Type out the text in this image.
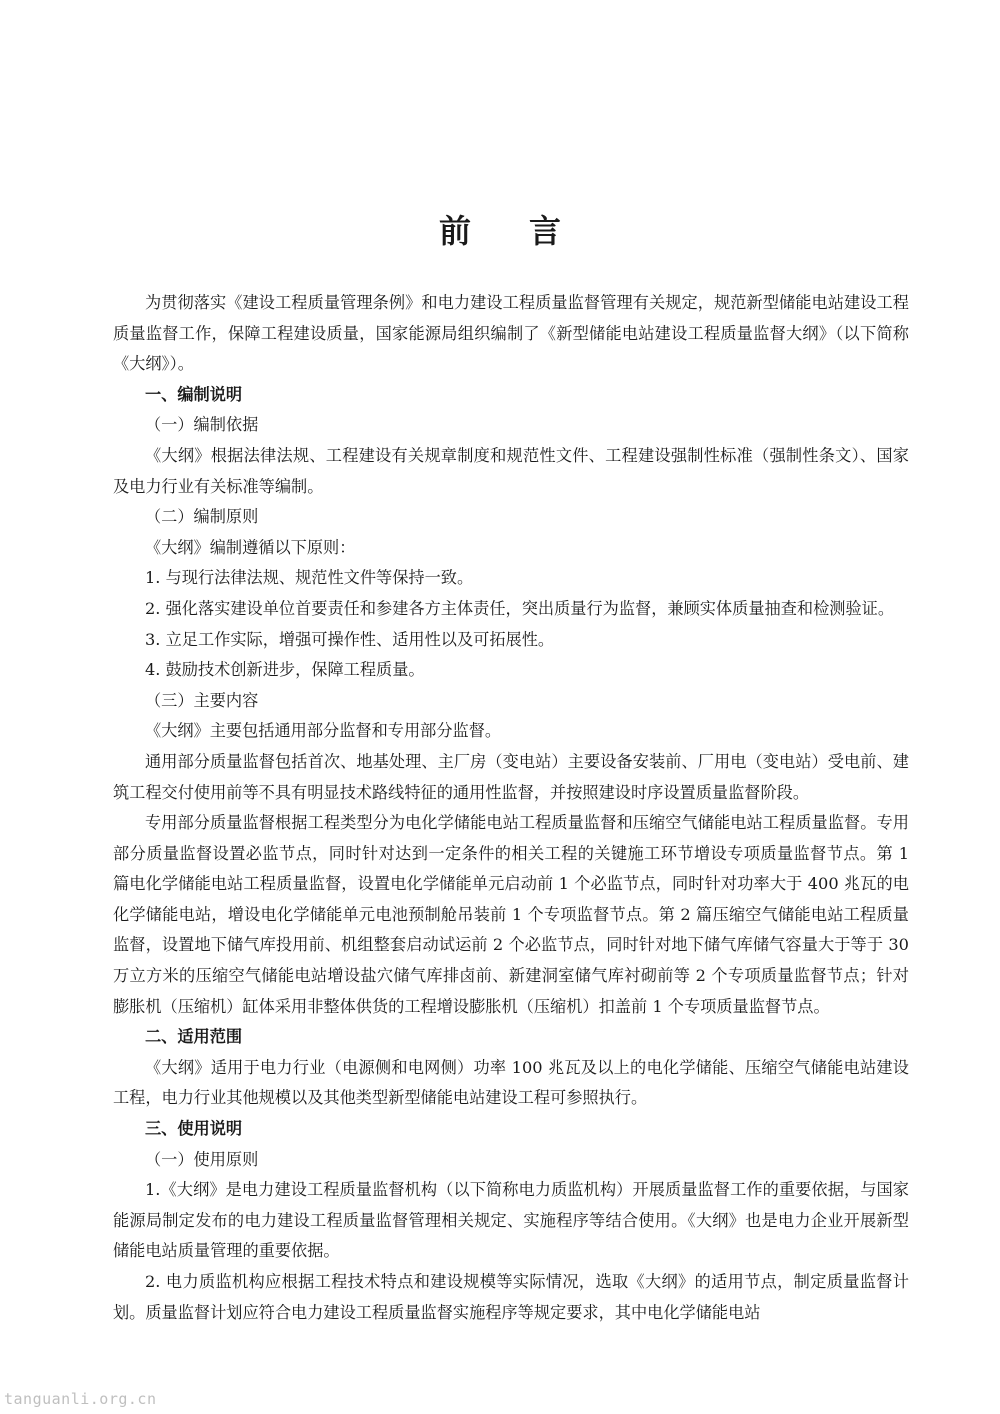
前言

为贯彻落实《建设工程质量管理条例》和电力建设工程质量监督管理有关规定，规范新型储能电站建设工程质量监督工作，保障工程建设质量，国家能源局组织编制了《新型储能电站建设工程质量监督大纲》（以下简称《大纲》）。

一、编制说明

（一）编制依据

《大纲》根据法律法规、工程建设有关规章制度和规范性文件、工程建设强制性标准（强制性条文）、国家及电力行业有关标准等编制。

（二）编制原则

《大纲》编制遵循以下原则：

1. 与现行法律法规、规范性文件等保持一致。

2. 强化落实建设单位首要责任和参建各方主体责任，突出质量行为监督，兼顾实体质量抽查和检测验证。

3. 立足工作实际，增强可操作性、适用性以及可拓展性。

4. 鼓励技术创新进步，保障工程质量。

（三）主要内容

《大纲》主要包括通用部分监督和专用部分监督。

通用部分质量监督包括首次、地基处理、主厂房（变电站）主要设备安装前、厂用电（变电站）受电前、建筑工程交付使用前等不具有明显技术路线特征的通用性监督，并按照建设时序设置质量监督阶段。

专用部分质量监督根据工程类型分为电化学储能电站工程质量监督和压缩空气储能电站工程质量监督。专用部分质量监督设置必监节点，同时针对达到一定条件的相关工程的关键施工环节增设专项质量监督节点。第 1 篇电化学储能电站工程质量监督，设置电化学储能单元启动前 1 个必监节点，同时针对功率大于 400 兆瓦的电化学储能电站，增设电化学储能单元电池预制舱吊装前 1 个专项监督节点。第 2 篇压缩空气储能电站工程质量监督，设置地下储气库投用前、机组整套启动试运前 2 个必监节点，同时针对地下储气库储气容量大于等于 30 万立方米的压缩空气储能电站增设盐穴储气库排卤前、新建洞室储气库衬砌前等 2 个专项质量监督节点；针对膨胀机（压缩机）缸体采用非整体供货的工程增设膨胀机（压缩机）扣盖前 1 个专项质量监督节点。

二、适用范围

《大纲》适用于电力行业（电源侧和电网侧）功率 100 兆瓦及以上的电化学储能、压缩空气储能电站建设工程，电力行业其他规模以及其他类型新型储能电站建设工程可参照执行。

三、使用说明

（一）使用原则

1.《大纲》是电力建设工程质量监督机构（以下简称电力质监机构）开展质量监督工作的重要依据，与国家能源局制定发布的电力建设工程质量监督管理相关规定、实施程序等结合使用。《大纲》也是电力企业开展新型储能电站质量管理的重要依据。

2. 电力质监机构应根据工程技术特点和建设规模等实际情况，选取《大纲》的适用节点，制定质量监督计划。质量监督计划应符合电力建设工程质量监督实施程序等规定要求，其中电化学储能电站

tanguanli.org.cn
